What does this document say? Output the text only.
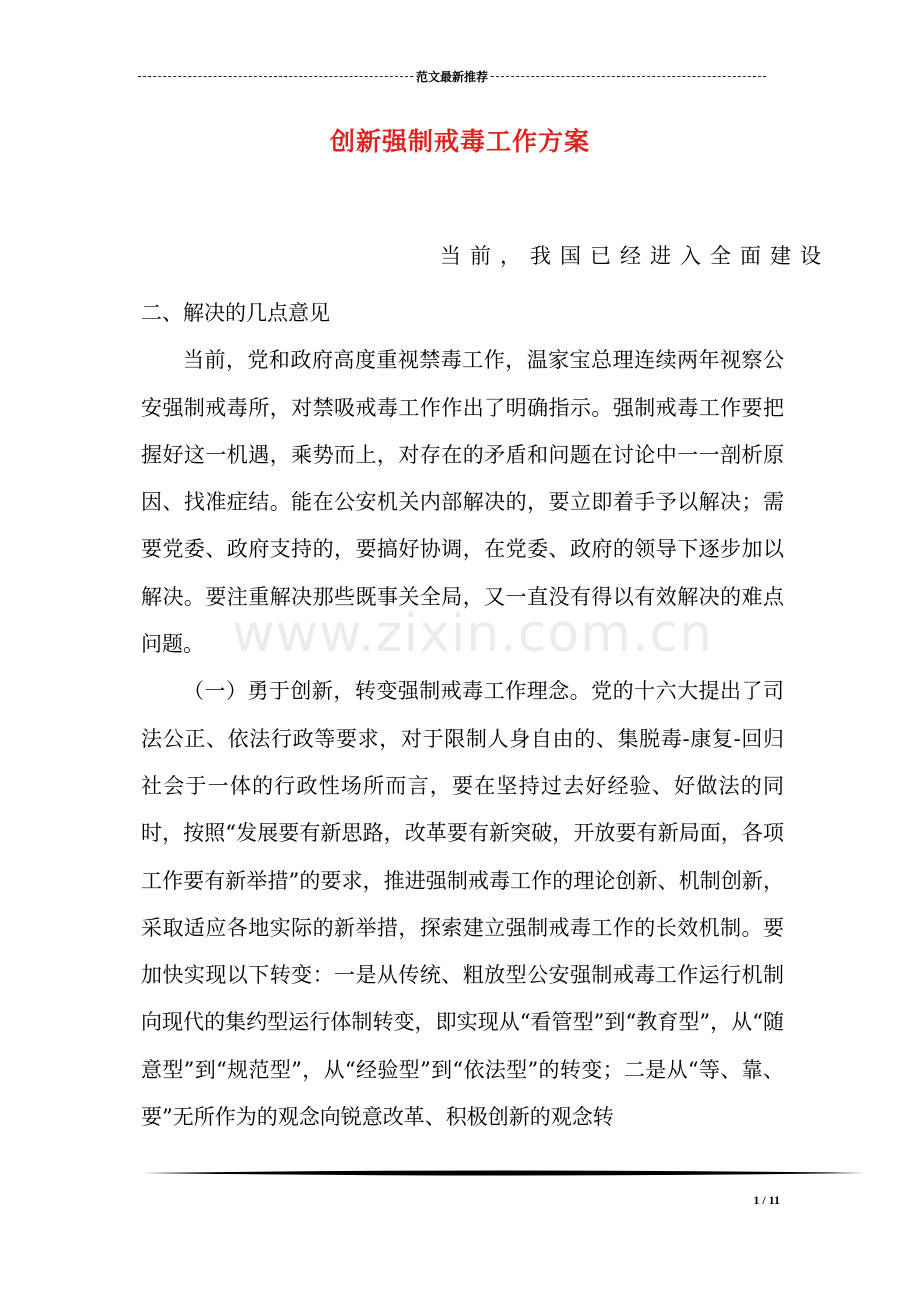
范文最新推荐
创新强制戒毒工作方案
当前，我国已经进入全面建设

二、解决的几点意见

当前，党和政府高度重视禁毒工作，温家宝总理连续两年视察公安强制戒毒所，对禁吸戒毒工作作出了明确指示。强制戒毒工作要把握好这一机遇，乘势而上，对存在的矛盾和问题在讨论中一一剖析原因、找准症结。能在公安机关内部解决的，要立即着手予以解决；需要党委、政府支持的，要搞好协调，在党委、政府的领导下逐步加以解决。要注重解决那些既事关全局，又一直没有得以有效解决的难点问题。

（一）勇于创新，转变强制戒毒工作理念。党的十六大提出了司法公正、依法行政等要求，对于限制人身自由的、集脱毒-康复-回归社会于一体的行政性场所而言，要在坚持过去好经验、好做法的同时，按照“发展要有新思路，改革要有新突破，开放要有新局面，各项工作要有新举措”的要求，推进强制戒毒工作的理论创新、机制创新，采取适应各地实际的新举措，探索建立强制戒毒工作的长效机制。要加快实现以下转变：一是从传统、粗放型公安强制戒毒工作运行机制向现代的集约型运行体制转变，即实现从“看管型”到“教育型”，从“随意型”到“规范型”，从“经验型”到“依法型”的转变；二是从“等、靠、要”无所作为的观念向锐意改革、积极创新的观念转

www.zixin.com.cn
1 / 11
